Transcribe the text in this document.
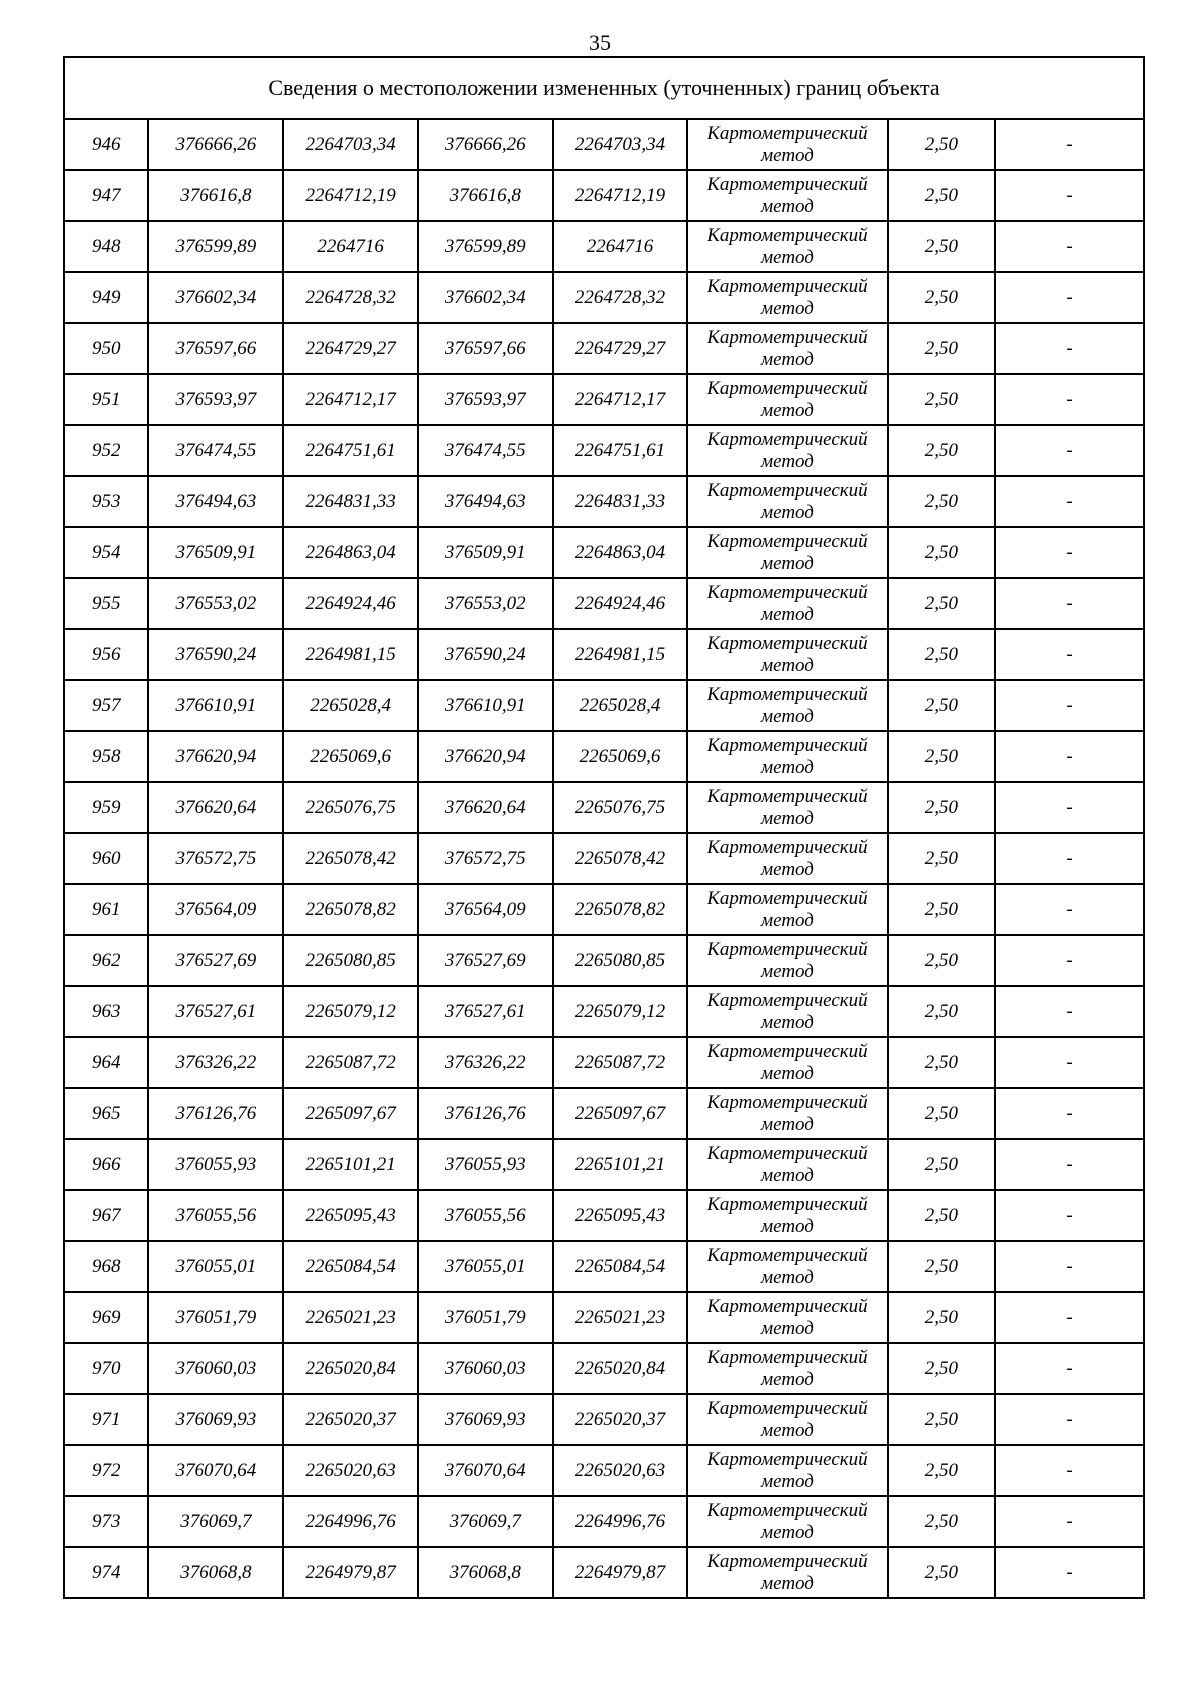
35
Сведения о местоположении измененных (уточненных) границ объекта							
946	376666,26	2264703,34	376666,26	2264703,34	Картометрический
метод	2,50	-
947	376616,8	2264712,19	376616,8	2264712,19	Картометрический
метод	2,50	-
948	376599,89	2264716	376599,89	2264716	Картометрический
метод	2,50	-
949	376602,34	2264728,32	376602,34	2264728,32	Картометрический
метод	2,50	-
950	376597,66	2264729,27	376597,66	2264729,27	Картометрический
метод	2,50	-
951	376593,97	2264712,17	376593,97	2264712,17	Картометрический
метод	2,50	-
952	376474,55	2264751,61	376474,55	2264751,61	Картометрический
метод	2,50	-
953	376494,63	2264831,33	376494,63	2264831,33	Картометрический
метод	2,50	-
954	376509,91	2264863,04	376509,91	2264863,04	Картометрический
метод	2,50	-
955	376553,02	2264924,46	376553,02	2264924,46	Картометрический
метод	2,50	-
956	376590,24	2264981,15	376590,24	2264981,15	Картометрический
метод	2,50	-
957	376610,91	2265028,4	376610,91	2265028,4	Картометрический
метод	2,50	-
958	376620,94	2265069,6	376620,94	2265069,6	Картометрический
метод	2,50	-
959	376620,64	2265076,75	376620,64	2265076,75	Картометрический
метод	2,50	-
960	376572,75	2265078,42	376572,75	2265078,42	Картометрический
метод	2,50	-
961	376564,09	2265078,82	376564,09	2265078,82	Картометрический
метод	2,50	-
962	376527,69	2265080,85	376527,69	2265080,85	Картометрический
метод	2,50	-
963	376527,61	2265079,12	376527,61	2265079,12	Картометрический
метод	2,50	-
964	376326,22	2265087,72	376326,22	2265087,72	Картометрический
метод	2,50	-
965	376126,76	2265097,67	376126,76	2265097,67	Картометрический
метод	2,50	-
966	376055,93	2265101,21	376055,93	2265101,21	Картометрический
метод	2,50	-
967	376055,56	2265095,43	376055,56	2265095,43	Картометрический
метод	2,50	-
968	376055,01	2265084,54	376055,01	2265084,54	Картометрический
метод	2,50	-
969	376051,79	2265021,23	376051,79	2265021,23	Картометрический
метод	2,50	-
970	376060,03	2265020,84	376060,03	2265020,84	Картометрический
метод	2,50	-
971	376069,93	2265020,37	376069,93	2265020,37	Картометрический
метод	2,50	-
972	376070,64	2265020,63	376070,64	2265020,63	Картометрический
метод	2,50	-
973	376069,7	2264996,76	376069,7	2264996,76	Картометрический
метод	2,50	-
974	376068,8	2264979,87	376068,8	2264979,87	Картометрический
метод	2,50	-
